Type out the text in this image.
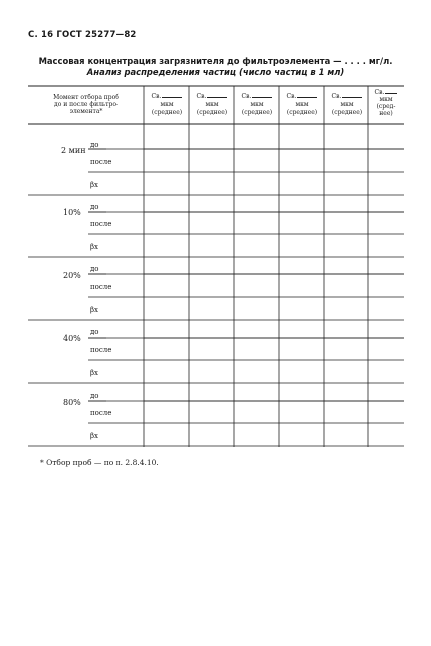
С. 16 ГОСТ 25277—82
Массовая концентрация загрязнителя до фильтроэлемента — . . . . мг/л.
Анализ распределения частиц (число частиц в 1 мл)
Момент отбора проб
до и после фильтро-
элемента*
Св.
мкм
(среднее)
Св.
мкм
(среднее)
Св.
мкм
(среднее)
Св.
мкм
(среднее)
Св.
мкм
(среднее)
Св.
мкм
(сред-нее)
2 мин
до
после
βx
10%
до
после
βx
20%
до
после
βx
40%
до
после
βx
80%
до
после
βx
* Отбор проб — по п. 2.8.4.10.
